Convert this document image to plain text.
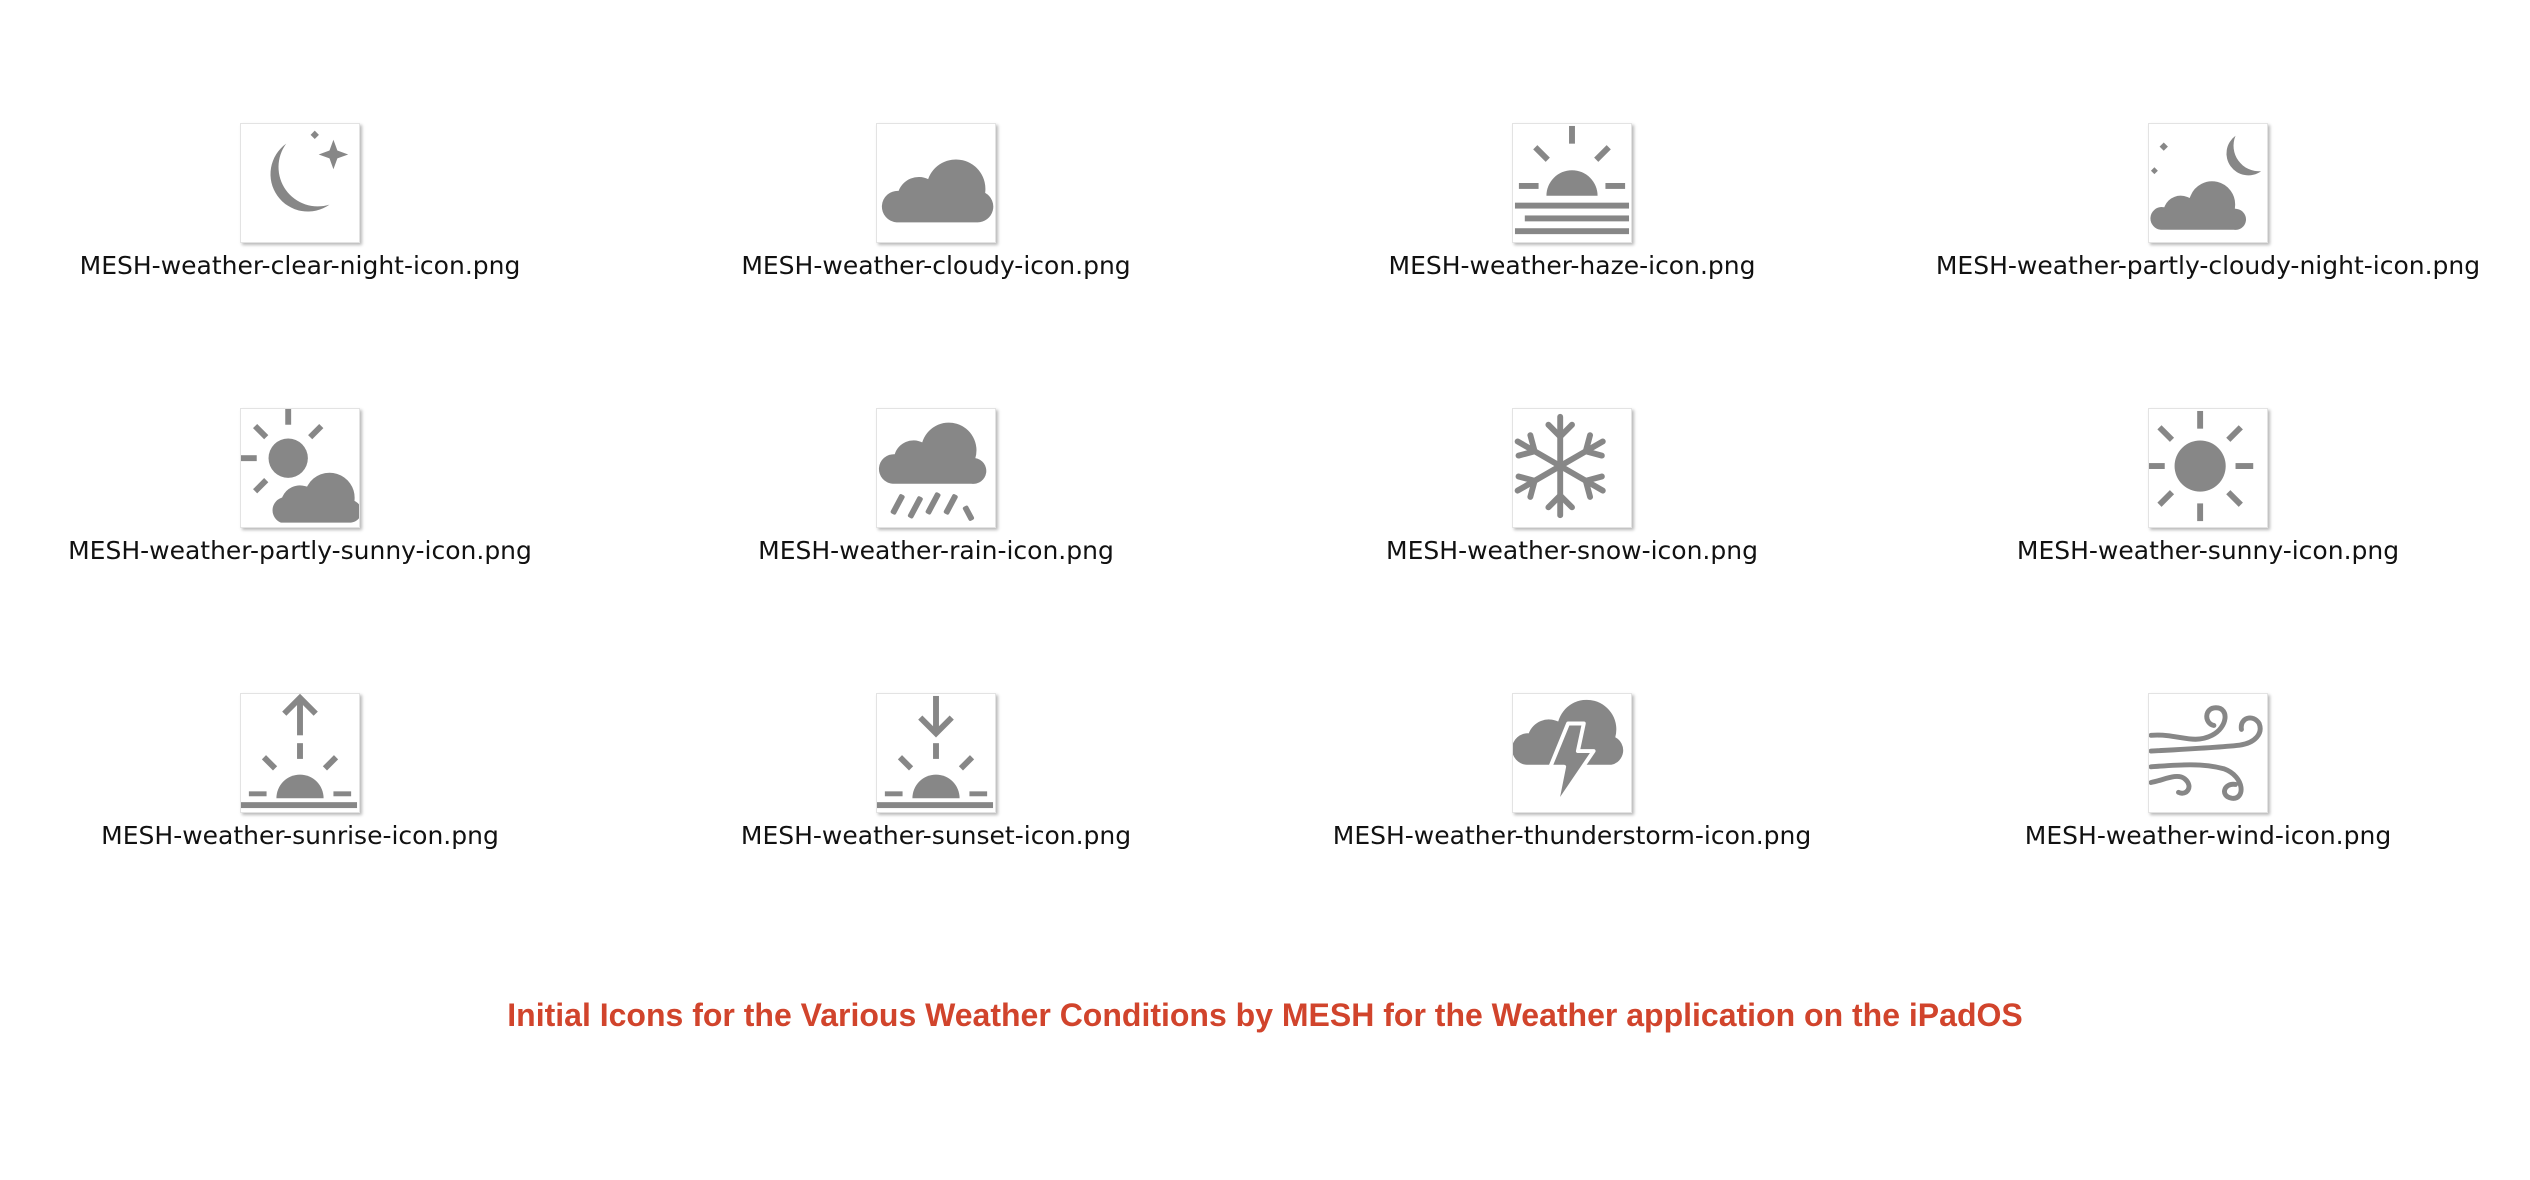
MESH-weather-clear-night-icon.png	MESH-weather-cloudy-icon.png	MESH-weather-haze-icon.png	MESH-weather-partly-cloudy-night-icon.png
MESH-weather-partly-sunny-icon.png	MESH-weather-rain-icon.png	MESH-weather-snow-icon.png	MESH-weather-sunny-icon.png
MESH-weather-sunrise-icon.png	MESH-weather-sunset-icon.png	MESH-weather-thunderstorm-icon.png	MESH-weather-wind-icon.png
Initial Icons for the Various Weather Conditions by MESH for the Weather application on the iPadOS
